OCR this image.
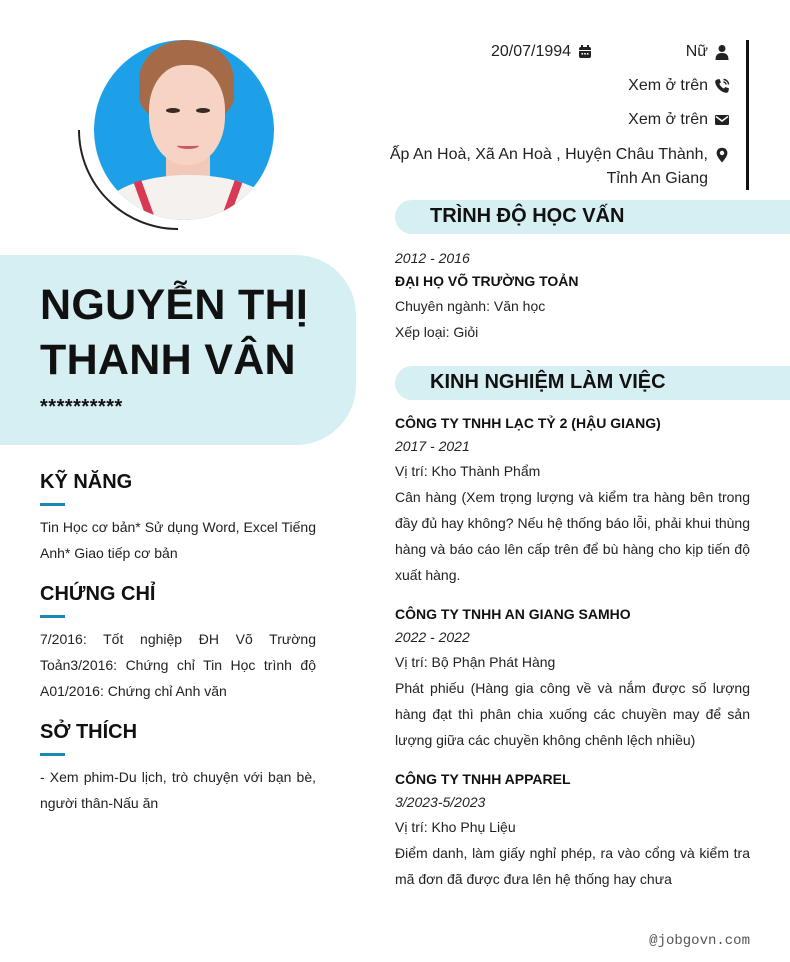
NGUYỄN THỊ
THANH VÂN
**********
KỸ NĂNG

Tin Học cơ bản* Sử dụng Word, Excel Tiếng Anh* Giao tiếp cơ bản

CHỨNG CHỈ

7/2016: Tốt nghiệp ĐH Võ Trường Toản3/2016: Chứng chỉ Tin Học trình độ A01/2016: Chứng chỉ Anh văn

SỞ THÍCH

- Xem phim-Du lịch, trò chuyện với bạn bè, người thân-Nấu ăn

20/07/1994	Nữ
Xem ở trên
Xem ở trên
Ấp An Hoà, Xã An Hoà , Huyện Châu Thành,
Tỉnh An Giang
TRÌNH ĐỘ HỌC VẤN
2012 - 2016
ĐẠI HỌ VÕ TRƯỜNG TOẢN
Chuyên ngành: Văn học
Xếp loại: Giỏi
KINH NGHIỆM LÀM VIỆC
CÔNG TY TNHH LẠC TỶ 2 (HẬU GIANG)
2017 - 2021
Vị trí: Kho Thành Phẩm
Cân hàng (Xem trọng lượng và kiểm tra hàng bên trong đầy đủ hay không? Nếu hệ thống báo lỗi, phải khui thùng hàng và báo cáo lên cấp trên để bù hàng cho kịp tiến độ xuất hàng.
CÔNG TY TNHH AN GIANG SAMHO
2022 - 2022
Vị trí: Bộ Phận Phát Hàng
Phát phiếu (Hàng gia công về và nắm được số lượng hàng đạt thì phân chia xuống các chuyền may để sản lượng giữa các chuyền không chênh lệch nhiều)
CÔNG TY TNHH APPAREL
3/2023-5/2023
Vị trí: Kho Phụ Liệu
Điểm danh, làm giấy nghỉ phép, ra vào cổng và kiểm tra mã đơn đã được đưa lên hệ thống hay chưa
@jobgovn.com
